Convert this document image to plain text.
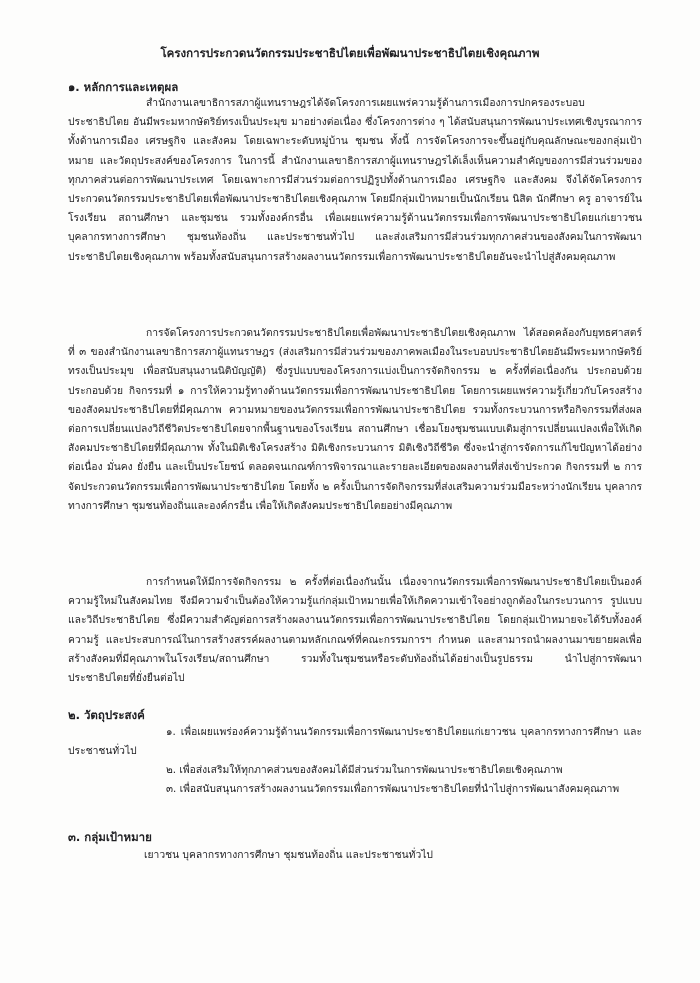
โครงการประกวดนวัตกรรมประชาธิปไตยเพื่อพัฒนาประชาธิปไตยเชิงคุณภาพ
๑. หลักการและเหตุผล

สำนักงานเลขาธิการสภาผู้แทนราษฎรได้จัดโครงการเผยแพร่ความรู้ด้านการเมืองการปกครองระบอบประชาธิปไตย อันมีพระมหากษัตริย์ทรงเป็นประมุข มาอย่างต่อเนื่อง ซึ่งโครงการต่าง ๆ ได้สนับสนุนการพัฒนาประเทศเชิงบูรณาการทั้งด้านการเมือง เศรษฐกิจ และสังคม โดยเฉพาะระดับหมู่บ้าน ชุมชน ทั้งนี้ การจัดโครงการจะขึ้นอยู่กับคุณลักษณะของกลุ่มเป้าหมาย และวัตถุประสงค์ของโครงการ ในการนี้ สำนักงานเลขาธิการสภาผู้แทนราษฎรได้เล็งเห็นความสำคัญของการมีส่วนร่วมของทุกภาคส่วนต่อการพัฒนาประเทศ โดยเฉพาะการมีส่วนร่วมต่อการปฏิรูปทั้งด้านการเมือง เศรษฐกิจ และสังคม จึงได้จัดโครงการประกวดนวัตกรรมประชาธิปไตยเพื่อพัฒนาประชาธิปไตยเชิงคุณภาพ โดยมีกลุ่มเป้าหมายเป็นนักเรียน นิสิต นักศึกษา ครู อาจารย์ในโรงเรียน สถานศึกษา และชุมชน รวมทั้งองค์กรอื่น เพื่อเผยแพร่ความรู้ด้านนวัตกรรมเพื่อการพัฒนาประชาธิปไตยแก่เยาวชน บุคลากรทางการศึกษา ชุมชนท้องถิ่น และประชาชนทั่วไป และส่งเสริมการมีส่วนร่วมทุกภาคส่วนของสังคมในการพัฒนาประชาธิปไตยเชิงคุณภาพ พร้อมทั้งสนับสนุนการสร้างผลงานนวัตกรรมเพื่อการพัฒนาประชาธิปไตยอันจะนำไปสู่สังคมคุณภาพ

การจัดโครงการประกวดนวัตกรรมประชาธิปไตยเพื่อพัฒนาประชาธิปไตยเชิงคุณภาพ ได้สอดคล้องกับยุทธศาสตร์ที่ ๓ ของสำนักงานเลขาธิการสภาผู้แทนราษฎร (ส่งเสริมการมีส่วนร่วมของภาคพลเมืองในระบอบประชาธิปไตยอันมีพระมหากษัตริย์ทรงเป็นประมุข เพื่อสนับสนุนงานนิติบัญญัติ) ซึ่งรูปแบบของโครงการแบ่งเป็นการจัดกิจกรรม ๒ ครั้งที่ต่อเนื่องกัน ประกอบด้วย ประกอบด้วย กิจกรรมที่ ๑ การให้ความรู้ทางด้านนวัตกรรมเพื่อการพัฒนาประชาธิปไตย โดยการเผยแพร่ความรู้เกี่ยวกับโครงสร้างของสังคมประชาธิปไตยที่มีคุณภาพ ความหมายของนวัตกรรมเพื่อการพัฒนาประชาธิปไตย รวมทั้งกระบวนการหรือกิจกรรมที่ส่งผลต่อการเปลี่ยนแปลงวิถีชีวิตประชาธิปไตยจากพื้นฐานของโรงเรียน สถานศึกษา เชื่อมโยงชุมชนแบบเดิมสู่การเปลี่ยนแปลงเพื่อให้เกิดสังคมประชาธิปไตยที่มีคุณภาพ ทั้งในมิติเชิงโครงสร้าง มิติเชิงกระบวนการ มิติเชิงวิถีชีวิต ซึ่งจะนำสู่การจัดการแก้ไขปัญหาได้อย่างต่อเนื่อง มั่นคง ยั่งยืน และเป็นประโยชน์ ตลอดจนเกณฑ์การพิจารณาและรายละเอียดของผลงานที่ส่งเข้าประกวด กิจกรรมที่ ๒ การจัดประกวดนวัตกรรมเพื่อการพัฒนาประชาธิปไตย โดยทั้ง ๒ ครั้งเป็นการจัดกิจกรรมที่ส่งเสริมความร่วมมือระหว่างนักเรียน บุคลากรทางการศึกษา ชุมชนท้องถิ่นและองค์กรอื่น เพื่อให้เกิดสังคมประชาธิปไตยอย่างมีคุณภาพ

การกำหนดให้มีการจัดกิจกรรม ๒ ครั้งที่ต่อเนื่องกันนั้น เนื่องจากนวัตกรรมเพื่อการพัฒนาประชาธิปไตยเป็นองค์ความรู้ใหม่ในสังคมไทย จึงมีความจำเป็นต้องให้ความรู้แก่กลุ่มเป้าหมายเพื่อให้เกิดความเข้าใจอย่างถูกต้องในกระบวนการ รูปแบบ และวิถีประชาธิปไตย ซึ่งมีความสำคัญต่อการสร้างผลงานนวัตกรรมเพื่อการพัฒนาประชาธิปไตย โดยกลุ่มเป้าหมายจะได้รับทั้งองค์ความรู้ และประสบการณ์ในการสร้างสรรค์ผลงานตามหลักเกณฑ์ที่คณะกรรมการฯ กำหนด และสามารถนำผลงานมาขยายผลเพื่อสร้างสังคมที่มีคุณภาพในโรงเรียน/สถานศึกษา รวมทั้งในชุมชนหรือระดับท้องถิ่นได้อย่างเป็นรูปธรรม นำไปสู่การพัฒนาประชาธิปไตยที่ยั่งยืนต่อไป

๒. วัตถุประสงค์

๑. เพื่อเผยแพร่องค์ความรู้ด้านนวัตกรรมเพื่อการพัฒนาประชาธิปไตยแก่เยาวชน บุคลากรทางการศึกษา และประชาชนทั่วไป

๒. เพื่อส่งเสริมให้ทุกภาคส่วนของสังคมได้มีส่วนร่วมในการพัฒนาประชาธิปไตยเชิงคุณภาพ

๓. เพื่อสนับสนุนการสร้างผลงานนวัตกรรมเพื่อการพัฒนาประชาธิปไตยที่นำไปสู่การพัฒนาสังคมคุณภาพ

๓. กลุ่มเป้าหมาย
เยาวชน บุคลากรทางการศึกษา ชุมชนท้องถิ่น และประชาชนทั่วไป
